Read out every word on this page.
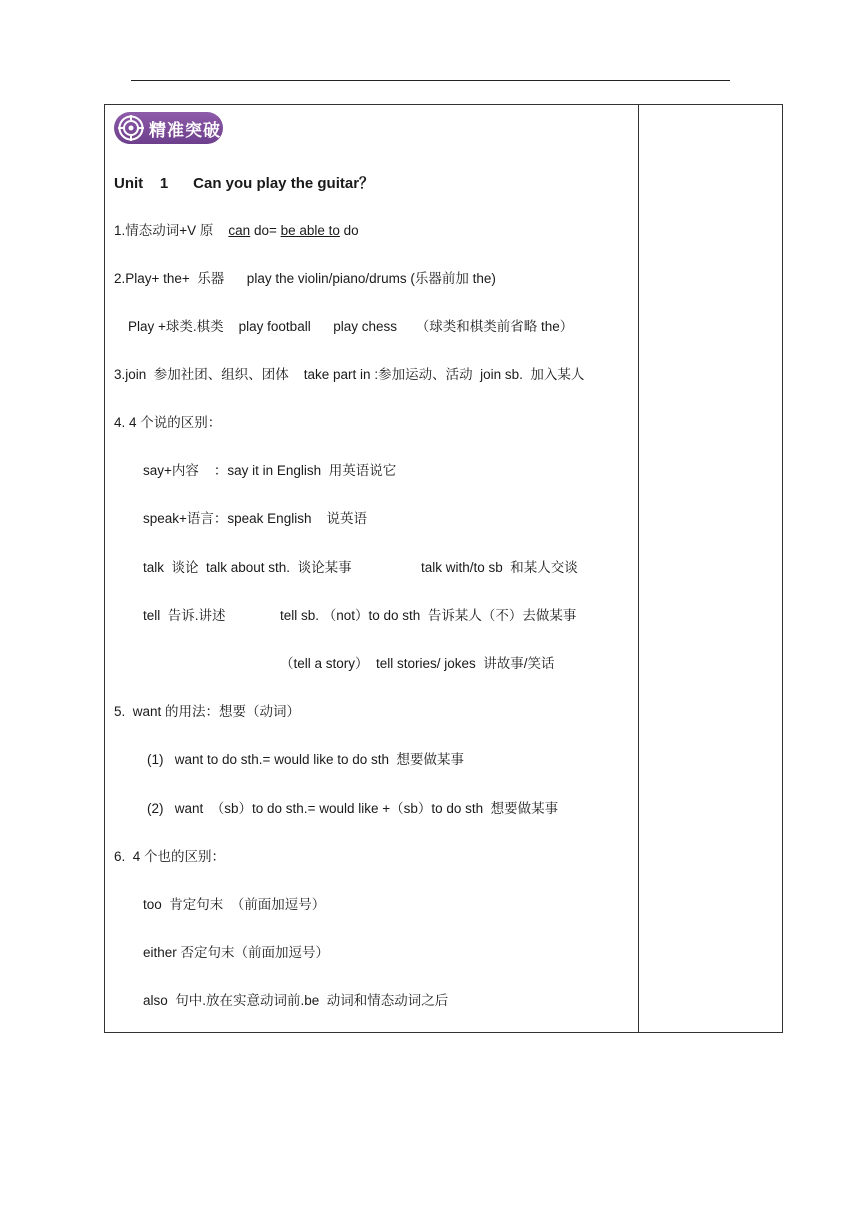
精准突破
Unit    1      Can you play the guitar？
1.情态动词+V 原    can do= be able to do
2.Play+ the+  乐器      play the violin/piano/drums (乐器前加 the)
Play +球类.棋类    play football      play chess     （球类和棋类前省略 the）
3.join  参加社团、组织、团体    take part in :参加运动、活动  join sb.  加入某人
4. 4 个说的区别：
say+内容    ：say it in English  用英语说它
speak+语言：speak English    说英语
talk  谈论  talk about sth.  谈论某事	talk with/to sb  和某人交谈
tell  告诉.讲述	tell sb. （not）to do sth  告诉某人（不）去做某事
（tell a story）  tell stories/ jokes  讲故事/笑话
5.  want 的用法：想要（动词）
(1)   want to do sth.= would like to do sth  想要做某事
(2)   want  （sb）to do sth.= would like +（sb）to do sth  想要做某事
6.  4 个也的区别：
too  肯定句末  （前面加逗号）
either 否定句末（前面加逗号）
also  句中.放在实意动词前.be  动词和情态动词之后
